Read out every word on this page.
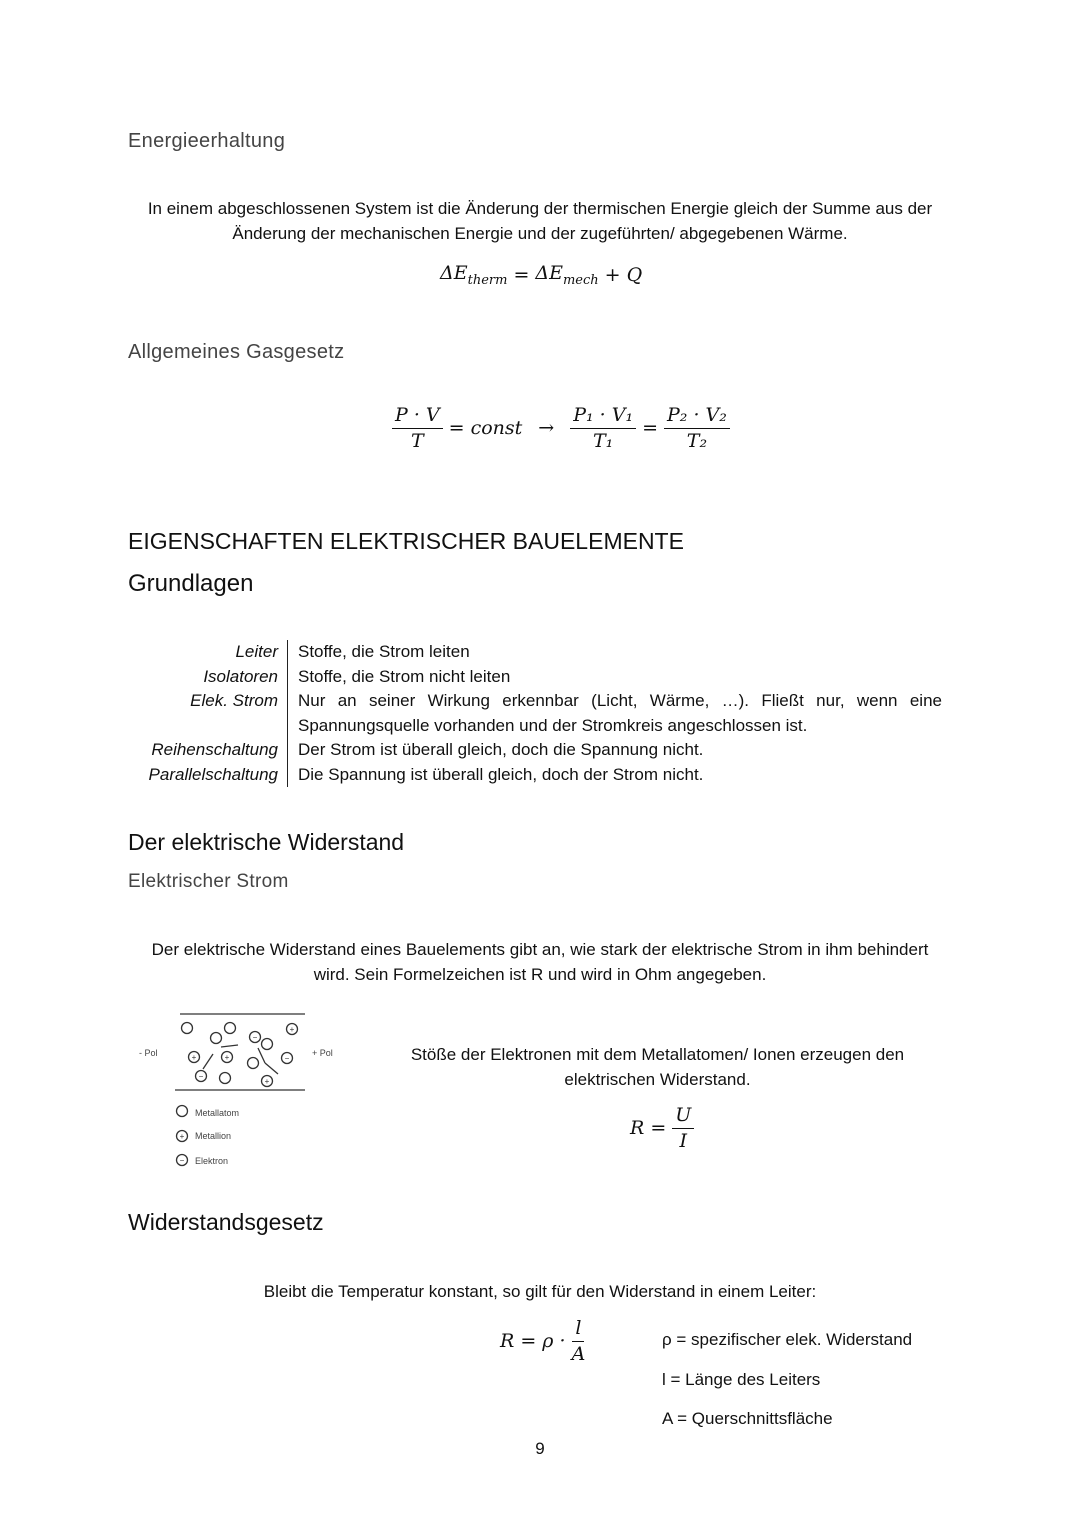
Energieerhaltung
In einem abgeschlossenen System ist die Änderung der thermischen Energie gleich der Summe aus der Änderung der mechanischen Energie und der zugeführten/ abgegebenen Wärme.
$\Delta E_{therm} = \Delta E_{mech} + Q$
Allgemeines Gasgesetz
$\frac{P \cdot V}{T}$ = const → $\frac{\text{P₁ · V₁}}{\text{T₁}} = \frac{\text{P₂ · V₂}}{\text{T₂}}$
EIGENSCHAFTEN ELEKTRISCHER BAUELEMENTE
Grundlagen
Leiter	Stoffe, die Strom leiten
Isolatoren	Stoffe, die Strom nicht leiten
Elek. Strom	Nur an seiner Wirkung erkennbar (Licht, Wärme, …). Fließt nur, wenn eine Spannungsquelle vorhanden und der Stromkreis angeschlossen ist.
Reihenschaltung	Der Strom ist überall gleich, doch die Spannung nicht.
Parallelschaltung	Die Spannung ist überall gleich, doch der Strom nicht.
Der elektrische Widerstand
Elektrischer Strom
Der elektrische Widerstand eines Bauelements gibt an, wie stark der elektrische Strom in ihm behindert wird. Sein Formelzeichen ist R und wird in Ohm angegeben.
+
+	+
+
+
−
−
−
−
- Pol	+ Pol
Metallatom
Metallion
Elektron
Stöße der Elektronen mit dem Metallatomen/ Ionen erzeugen den elektrischen Widerstand.
$R = \frac{U}{I}$
Widerstandsgesetz
Bleibt die Temperatur konstant, so gilt für den Widerstand in einem Leiter:
$R = \rho \cdot \frac{l}{A}$	ρ = spezifischer elek. Widerstand
l = Länge des Leiters
A = Querschnittsfläche
9
